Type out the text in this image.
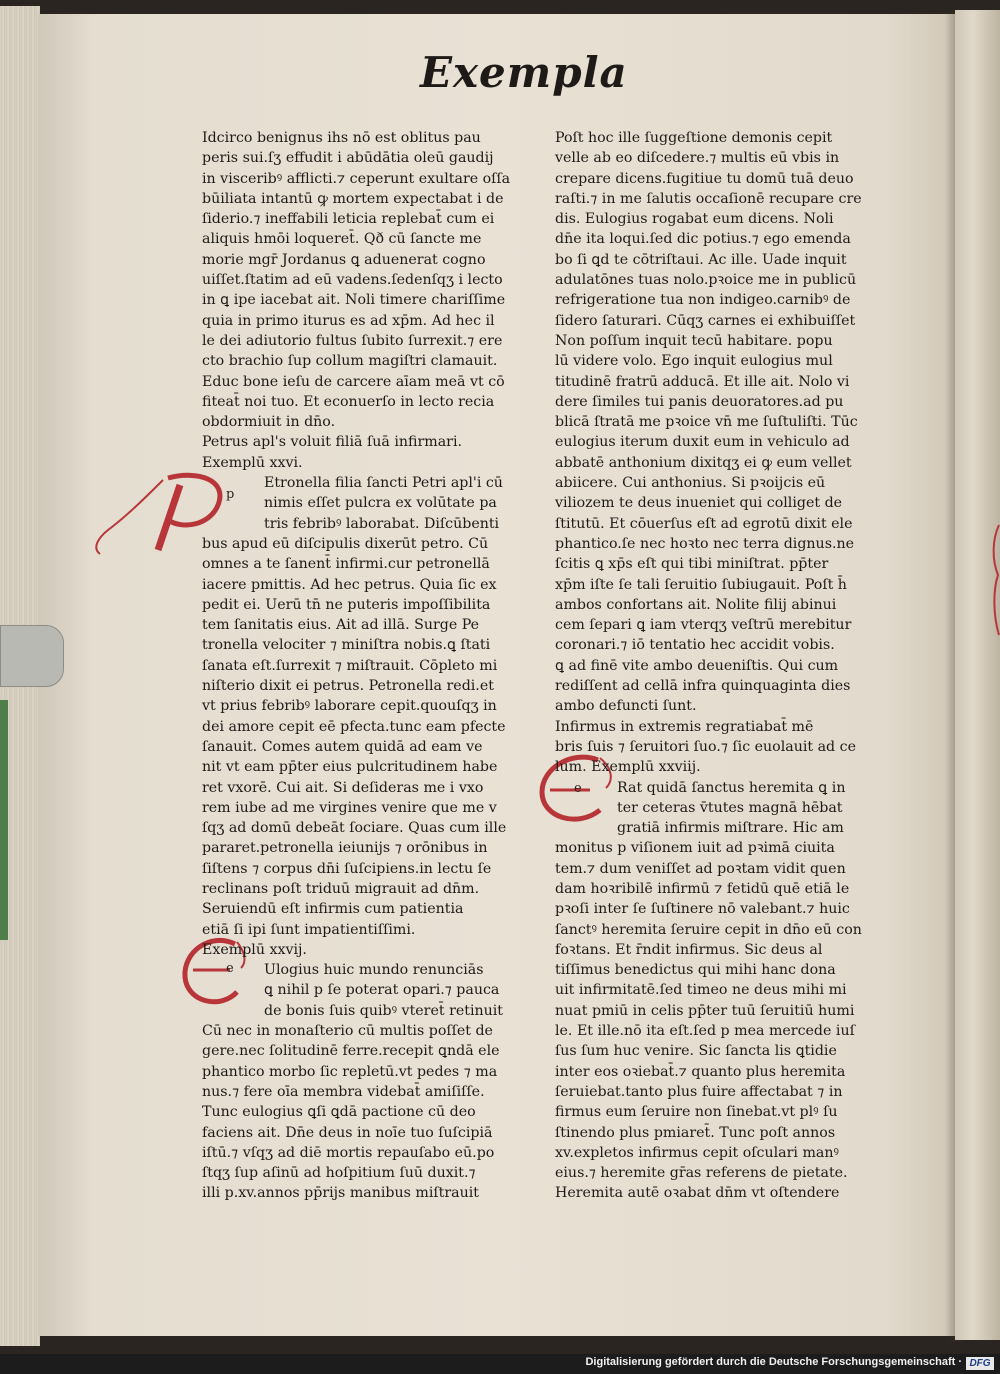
Exempla
p
e
e
Idcirco benignus ihs nō est oblitus pau
peris sui.ſʒ effudit i abūdātia oleū gaudij
in visceribꝰ afflicti.⁊ ceperunt exultare oſſa
būiliata intantū ꝙ mortem expectabat i de
ſiderio.⁊ ineffabili leticia replebat̄ cum ei
aliquis hmōi loqueret̄. Qð cū ſancte me
morie mgr̄ Jordanus ꝗ aduenerat cogno
uiſſet.ſtatim ad eū vadens.ſedenſqʒ i lecto
in ꝗ ipe iacebat ait. Noli timere chariſſime
quia in primo iturus es ad xp̄m. Ad hec il
le dei adiutorio fultus ſubito ſurrexit.⁊ ere
cto brachio ſup collum magiſtri clamauit.
Educ bone ieſu de carcere aīam meā vt cō
fiteat̄ noi tuo. Et econuerſo in lecto recia
obdormiuit in dn̄o.
Petrus apl's voluit filiā ſuā infirmari.
Exemplū xxvi.
Etronella filia ſancti Petri apl'i cū
nimis eſſet pulcra ex volūtate pa
tris febribꝰ laborabat. Diſcūbenti
bus apud eū diſcipulis dixerūt petro. Cū
omnes a te ſanent̄ infirmi.cur petronellā
iacere pmittis. Ad hec petrus. Quia ſic ex
pedit ei. Uerū tn̄ ne puteris impoſſibilita
tem ſanitatis eius. Ait ad illā. Surge Pe
tronella velociter ⁊ miniſtra nobis.ꝗ ſtati
ſanata eſt.ſurrexit ⁊ miſtrauit. Cōpleto mi
niſterio dixit ei petrus. Petronella redi.et
vt prius febribꝰ laborare cepit.quouſqʒ in
dei amore cepit eē pfecta.tunc eam pfecte
ſanauit. Comes autem quidā ad eam ve
nit vt eam pp̄ter eius pulcritudinem habe
ret vxorē. Cui ait. Si deſideras me i vxo
rem iube ad me virgines venire que me v
ſqʒ ad domū debeāt ſociare. Quas cum ille
pararet.petronella ieiunijs ⁊ orōnibus in
ſiſtens ⁊ corpus dn̄i ſuſcipiens.in lectu ſe
reclinans poſt triduū migrauit ad dn̄m.
Seruiendū eſt infirmis cum patientia
etiā ſi ipi ſunt impatientiſſimi.
Exemplū xxvij.
Ulogius huic mundo renunciās
ꝗ nihil p ſe poterat opari.⁊ pauca
de bonis ſuis quibꝰ vteret̄ retinuit
Cū nec in monaſterio cū multis poſſet de
gere.nec ſolitudinē ferre.recepit ꝗndā ele
phantico morbo ſic repletū.vt pedes ⁊ ma
nus.⁊ fere oīa membra videbat̄ amiſiſſe.
Tunc eulogius ꝗſi ꝗdā pactione cū deo
faciens ait. Dn̄e deus in noīe tuo ſuſcipiā
iſtū.⁊ vſqʒ ad diē mortis repauſabo eū.po
ſtqʒ ſup aſinū ad hoſpitium ſuū duxit.⁊
illi p.xv.annos pp̄rijs manibus miſtrauit
Poſt hoc ille ſuggeſtione demonis cepit
velle ab eo diſcedere.⁊ multis eū vbis in
crepare dicens.fugitiue tu domū tuā deuo
raſti.⁊ in me ſalutis occaſionē recupare cre
dis. Eulogius rogabat eum dicens. Noli
dn̄e ita loqui.ſed dic potius.⁊ ego emenda
bo ſi ꝗd te cōtriſtaui. Ac ille. Uade inquit
adulatōnes tuas nolo.pꝛoice me in publicū
refrigeratione tua non indigeo.carnibꝰ de
ſidero ſaturari. Cūqʒ carnes ei exhibuiſſet
Non poſſum inquit tecū habitare. popu
lū videre volo. Ego inquit eulogius mul
titudinē fratrū adducā. Et ille ait. Nolo vi
dere ſimiles tui panis deuoratores.ad pu
blicā ſtratā me pꝛoice vn̄ me ſuſtuliſti. Tūc
eulogius iterum duxit eum in vehiculo ad
abbatē anthonium dixitqʒ ei ꝙ eum vellet
abiicere. Cui anthonius. Si pꝛoijcis eū
viliozem te deus inueniet qui colliget de
ſtitutū. Et cōuerſus eſt ad egrotū dixit ele
phantico.ſe nec hoꝛto nec terra dignus.ne
ſcitis ꝗ xp̄s eſt qui tibi miniſtrat. pp̄ter
xp̄m iſte ſe tali ſeruitio ſubiugauit. Poſt h̄
ambos confortans ait. Nolite filij abinui
cem ſepari ꝗ iam vterqʒ veſtrū merebitur
coronari.⁊ iō tentatio hec accidit vobis.
ꝗ ad finē vite ambo deueniſtis. Qui cum
rediſſent ad cellā infra quinquaginta dies
ambo defuncti ſunt.
Infirmus in extremis regratiabat̄ mē
bris ſuis ⁊ ſeruitori ſuo.⁊ ſic euolauit ad ce
lum. Exemplū xxviij.
Rat quidā ſanctus heremita ꝗ in
ter ceteras v̄tutes magnā hēbat
gratiā infirmis miſtrare. Hic am
monitus p viſionem iuit ad pꝛimā ciuita
tem.⁊ dum veniſſet ad poꝛtam vidit quen
dam hoꝛribilē infirmū ⁊ fetidū quē etiā le
pꝛoſi inter ſe ſuſtinere nō valebant.⁊ huic
ſanctꝰ heremita ſeruire cepit in dn̄o eū con
foꝛtans. Et r̄ndit infirmus. Sic deus al
tiſſimus benedictus qui mihi hanc dona
uit infirmitatē.ſed timeo ne deus mihi mi
nuat pmiū in celis pp̄ter tuū ſeruitiū humi
le. Et ille.nō ita eſt.ſed p mea mercede iuſ
ſus ſum huc venire. Sic ſancta lis ꝗtidie
inter eos oꝛiebat̄.⁊ quanto plus heremita
ſeruiebat.tanto plus fuire affectabat ⁊ in
firmus eum ſeruire non ſinebat.vt plꝰ ſu
ſtinendo plus pmiaret̄. Tunc poſt annos
xv.expletos infirmus cepit oſculari manꝰ
eius.⁊ heremite gr̄as referens de pietate.
Heremita autē oꝛabat dn̄m vt oſtendere
Digitalisierung gefördert durch die Deutsche Forschungsgemeinschaft · DFG
